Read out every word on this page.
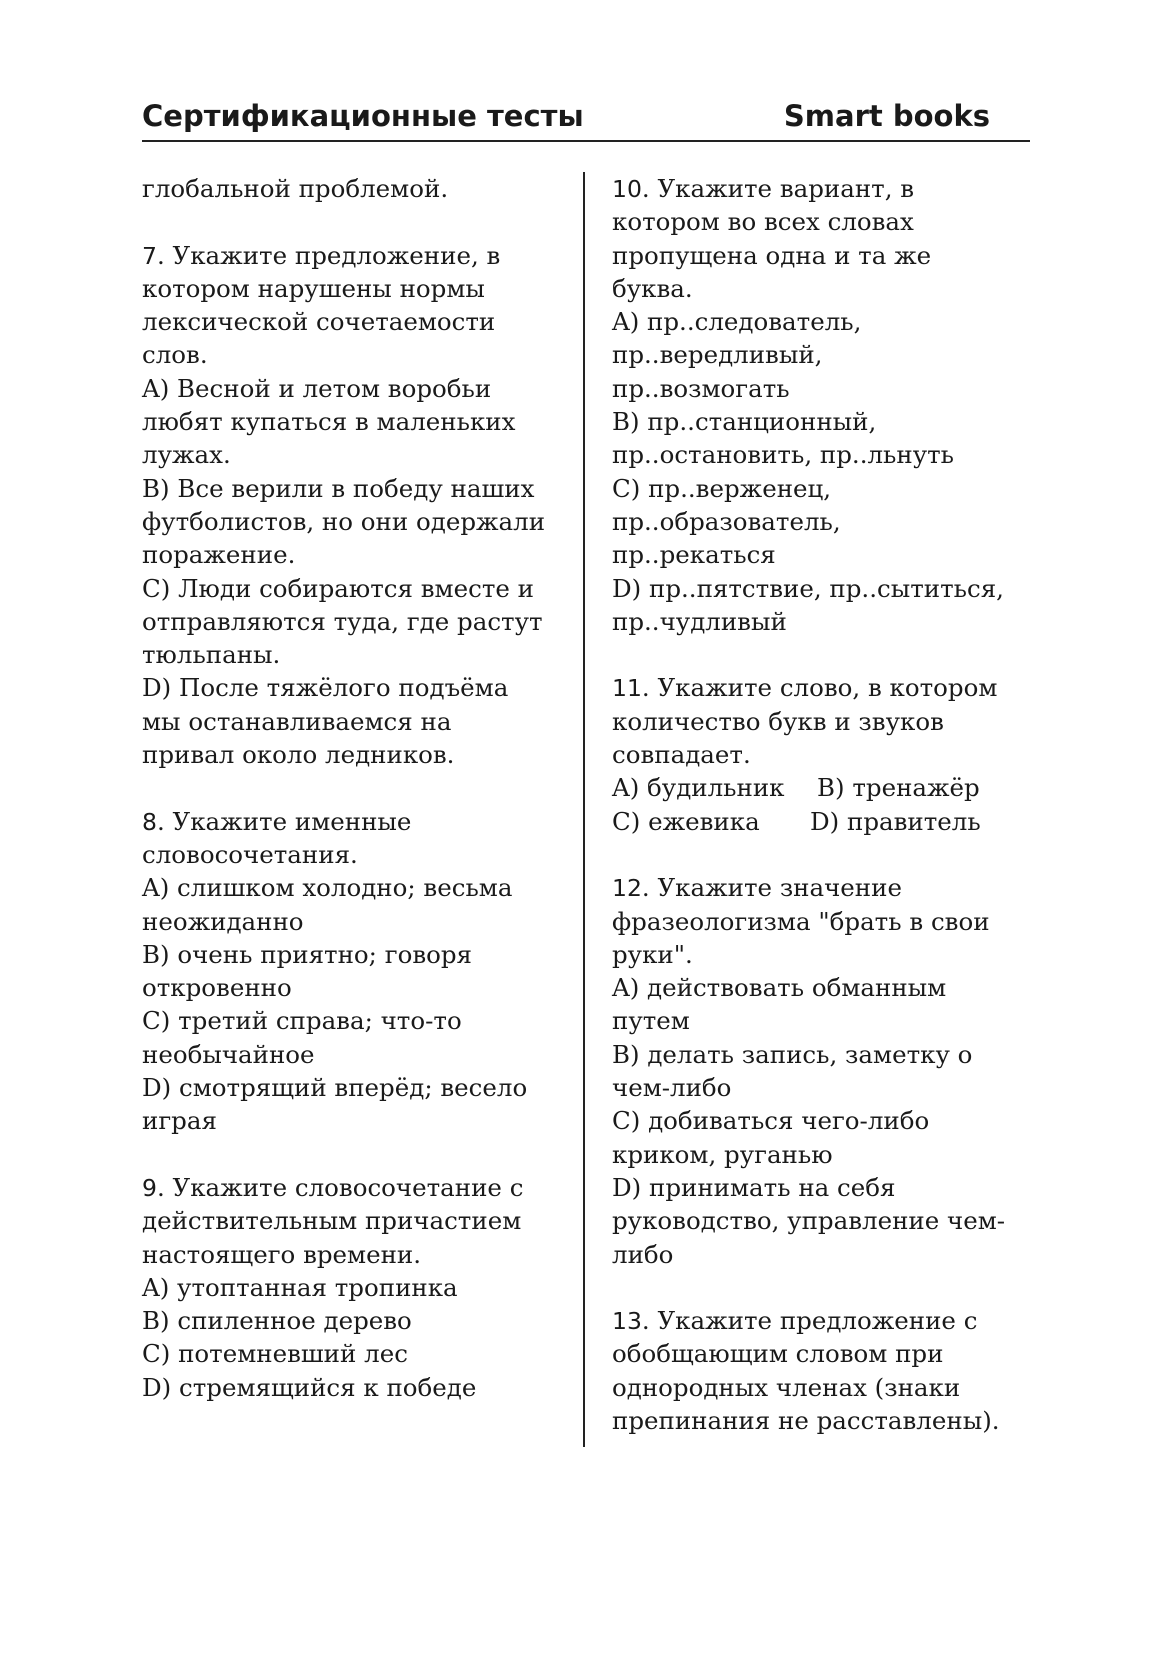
Сертификационные тесты	Smart books
глобальной проблемой.
7. Укажите предложение, в
котором нарушены нормы
лексической сочетаемости
слов.
A) Весной и летом воробьи
любят купаться в маленьких
лужах.
B) Все верили в победу наших
футболистов, но они одержали
поражение.
C) Люди собираются вместе и
отправляются туда, где растут
тюльпаны.
D) После тяжёлого подъёма
мы останавливаемся на
привал около ледников.
8. Укажите именные
словосочетания.
A) слишком холодно; весьма
неожиданно
B) очень приятно; говоря
откровенно
C) третий справа; что-то
необычайное
D) смотрящий вперёд; весело
играя
9. Укажите словосочетание с
действительным причастием
настоящего времени.
A) утоптанная тропинка
B) спиленное дерево
C) потемневший лес
D) стремящийся к победе
10. Укажите вариант, в
котором во всех словах
пропущена одна и та же
буква.
A) пр..следователь,
пр..вередливый,
пр..возмогать
B) пр..станционный,
пр..остановить, пр..льнуть
C) пр..верженец,
пр..образователь,
пр..рекаться
D) пр..пятствие, пр..сытиться,
пр..чудливый
11. Укажите слово, в котором
количество букв и звуков
совпадает.
A) будильник B) тренажёр
C) ежевика D) правитель
12. Укажите значение
фразеологизма "брать в свои
руки".
A) действовать обманным
путем
B) делать запись, заметку о
чем-либо
C) добиваться чего-либо
криком, руганью
D) принимать на себя
руководство, управление чем-
либо
13. Укажите предложение с
обобщающим словом при
однородных членах (знаки
препинания не расставлены).
